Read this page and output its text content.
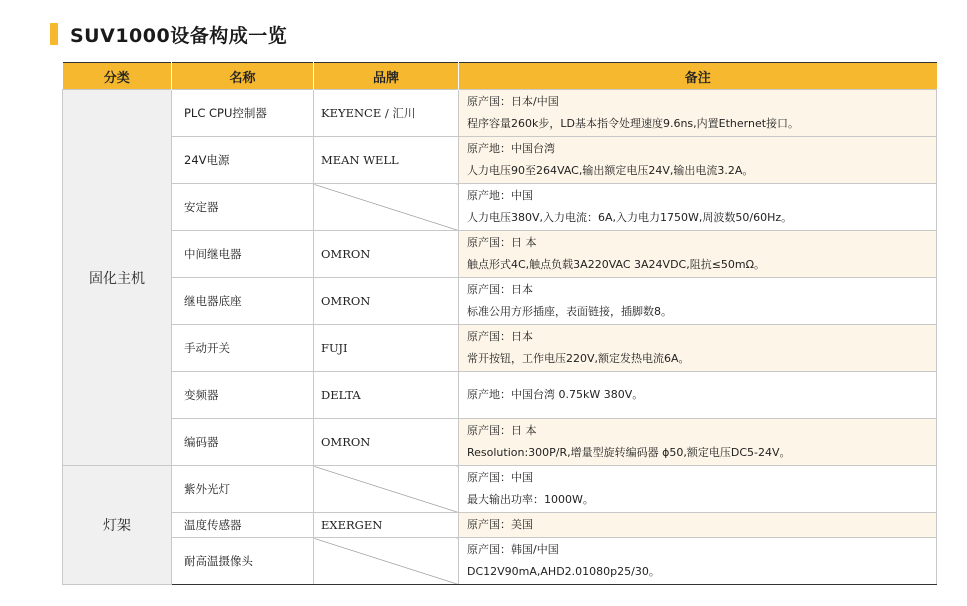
SUV1000设备构成一览
分类	名称	品牌	备注
固化主机	PLC CPU控制器	KEYENCE / 汇川	原产国：日本/中国
程序容量260k步，LD基本指令处理速度9.6ns,内置Ethernet接口。

	24V电源	MEAN WELL	原产地：中国台湾
人力电压90至264VAC,输出额定电压24V,输出电流3.2A。

	安定器		原产地：中国
人力电压380V,入力电流：6A,入力电力1750W,周波数50/60Hz。

	中间继电器	OMRON	原产国：日 本
触点形式4C,触点负载3A220VAC 3A24VDC,阻抗≤50mΩ。

	继电器底座	OMRON	原产国：日本
标准公用方形插座，表面链接，插脚数8。

	手动开关	FUJI	原产国：日本
常开按钮，工作电压220V,额定发热电流6A。

	变频器	DELTA	原产地：中国台湾 0.75kW 380V。

	编码器	OMRON	原产国：日 本
Resolution:300P/R,增量型旋转编码器 ϕ50,额定电压DC5-24V。

灯架	紫外光灯		原产国：中国
最大输出功率：1000W。

	温度传感器	EXERGEN	原产国：美国

	耐高温摄像头		原产国：韩国/中国
DC12V90mA,AHD2.01080p25/30。
